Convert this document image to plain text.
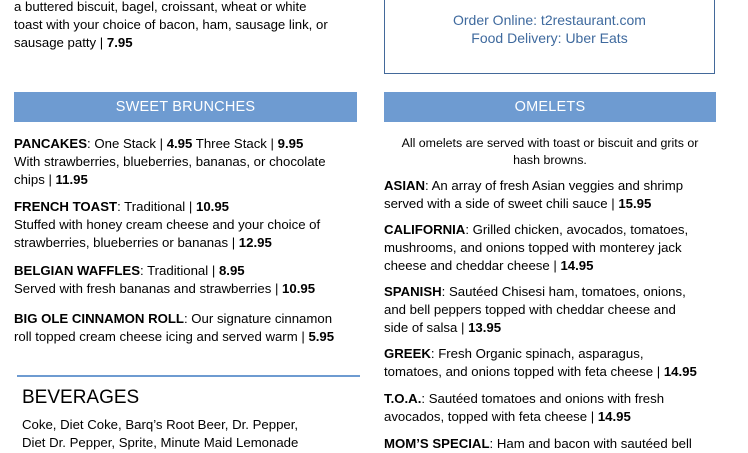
a buttered biscuit, bagel, croissant, wheat or white
toast with your choice of bacon, ham, sausage link, or
sausage patty | 7.95
Order Online: t2restaurant.com
Food Delivery: Uber Eats
SWEET BRUNCHES
PANCAKES: One Stack | 4.95 Three Stack | 9.95
With strawberries, blueberries, bananas, or chocolate
chips | 11.95
FRENCH TOAST: Traditional | 10.95
Stuffed with honey cream cheese and your choice of
strawberries, blueberries or bananas | 12.95
BELGIAN WAFFLES: Traditional | 8.95
Served with fresh bananas and strawberries | 10.95
BIG OLE CINNAMON ROLL: Our signature cinnamon
roll topped cream cheese icing and served warm | 5.95
BEVERAGES
Coke, Diet Coke, Barq’s Root Beer, Dr. Pepper,
Diet Dr. Pepper, Sprite, Minute Maid Lemonade
OMELETS
All omelets are served with toast or biscuit and grits or
hash browns.
ASIAN: An array of fresh Asian veggies and shrimp
served with a side of sweet chili sauce | 15.95
CALIFORNIA: Grilled chicken, avocados, tomatoes,
mushrooms, and onions topped with monterey jack
cheese and cheddar cheese | 14.95
SPANISH: Sautéed Chisesi ham, tomatoes, onions,
and bell peppers topped with cheddar cheese and
side of salsa | 13.95
GREEK: Fresh Organic spinach, asparagus,
tomatoes, and onions topped with feta cheese | 14.95
T.O.A.: Sautéed tomatoes and onions with fresh
avocados, topped with feta cheese | 14.95
MOM’S SPECIAL: Ham and bacon with sautéed bell
